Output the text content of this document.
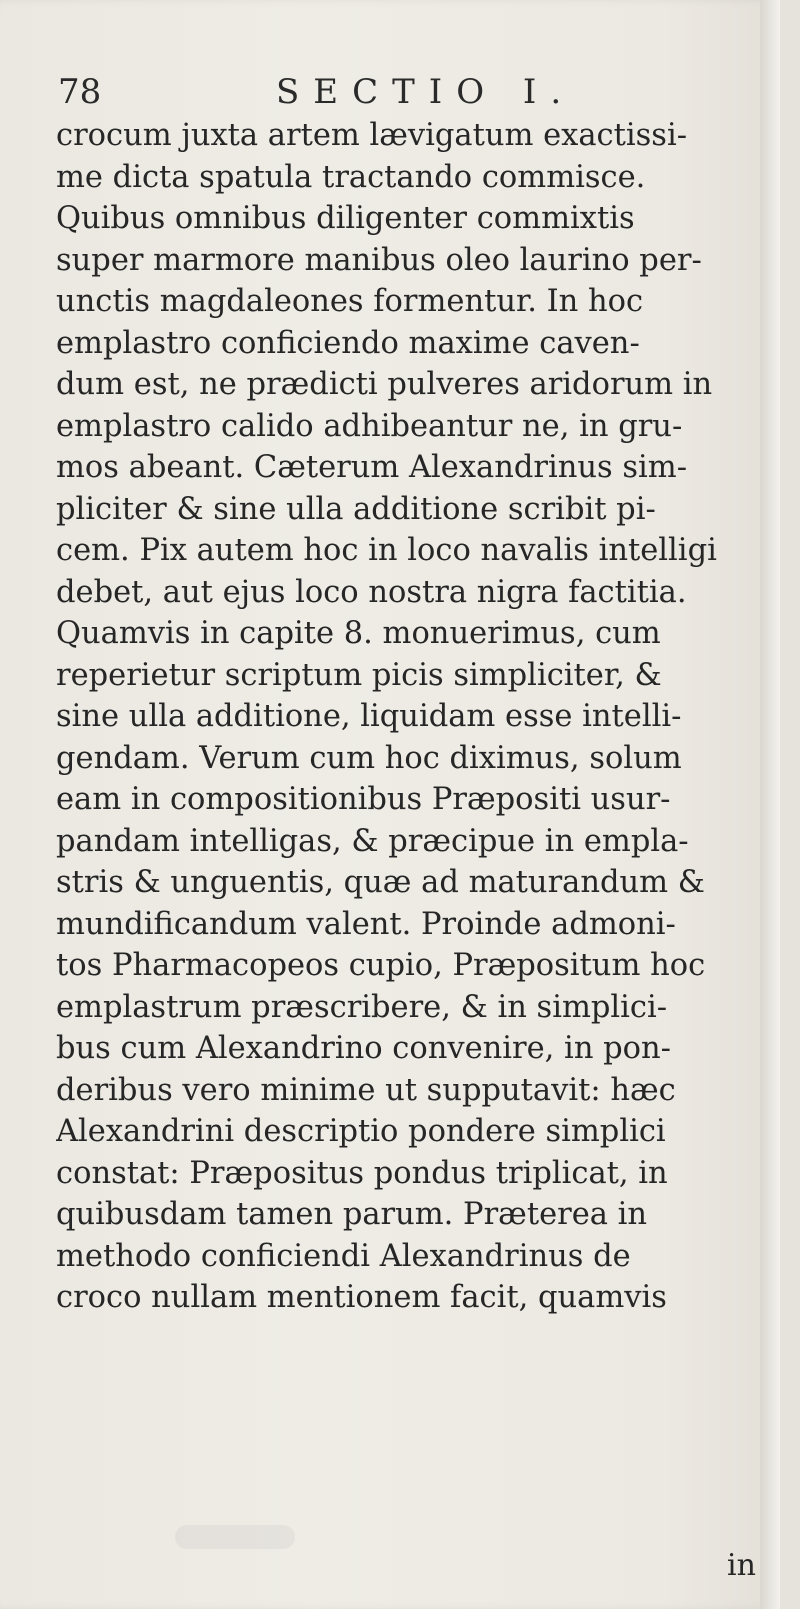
78	SECTIO I.
crocum juxta artem lævigatum exactissi-
me dicta spatula tractando commisce.
Quibus omnibus diligenter commixtis
super marmore manibus oleo laurino per-
unctis magdaleones formentur. In hoc
emplastro conficiendo maxime caven-
dum est, ne prædicti pulveres aridorum in
emplastro calido adhibeantur ne, in gru-
mos abeant. Cæterum Alexandrinus sim-
pliciter & sine ulla additione scribit pi-
cem. Pix autem hoc in loco navalis intelligi
debet, aut ejus loco nostra nigra factitia.
Quamvis in capite 8. monuerimus, cum
reperietur scriptum picis simpliciter, &
sine ulla additione, liquidam esse intelli-
gendam. Verum cum hoc diximus, solum
eam in compositionibus Præpositi usur-
pandam intelligas, & præcipue in empla-
stris & unguentis, quæ ad maturandum &
mundificandum valent. Proinde admoni-
tos Pharmacopeos cupio, Præpositum hoc
emplastrum præscribere, & in simplici-
bus cum Alexandrino convenire, in pon-
deribus vero minime ut supputavit: hæc
Alexandrini descriptio pondere simplici
constat: Præpositus pondus triplicat, in
quibusdam tamen parum. Præterea in
methodo conficiendi Alexandrinus de
croco nullam mentionem facit, quamvis
in
